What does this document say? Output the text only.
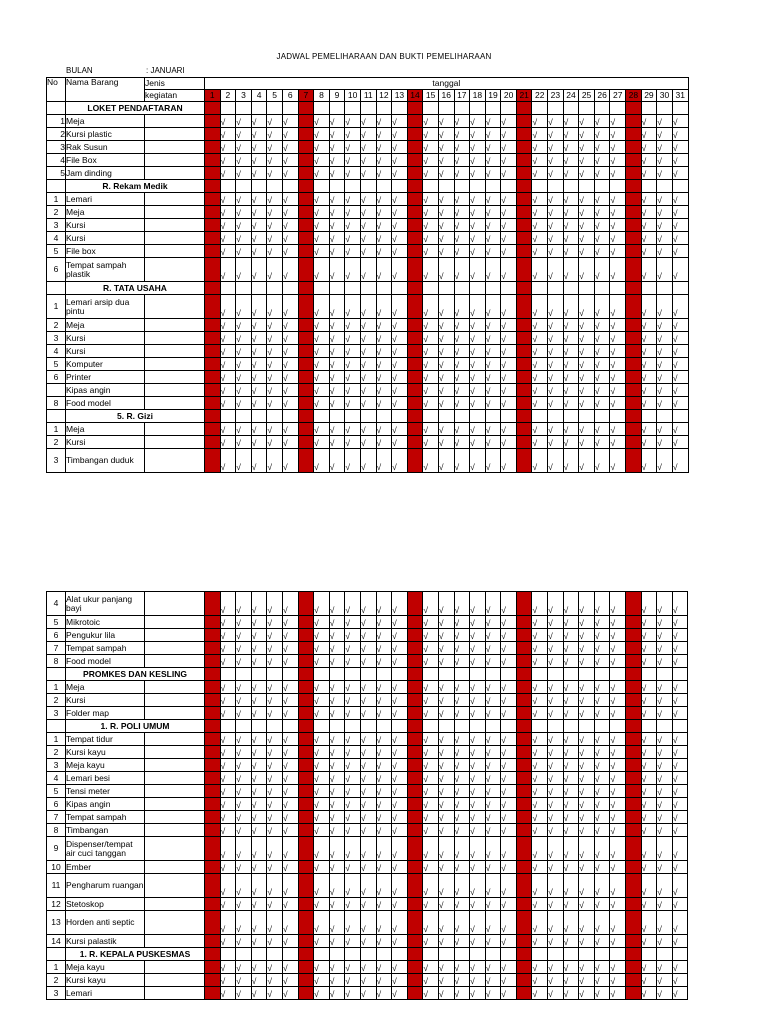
JADWAL PEMELIHARAAN DAN BUKTI PEMELIHARAAN
BULAN	: JANUARI
No	Nama Barang	Jenis	tanggal																														
		kegiatan	1	2	3	4	5	6	7	8	9	10	11	12	13	14	15	16	17	18	19	20	21	22	23	24	25	26	27	28	29	30	31
	LOKET PENDAFTARAN																																
1	Meja			√	√	√	√	√		√	√	√	√	√	√		√	√	√	√	√	√		√	√	√	√	√	√		√	√	√
2	Kursi plastic			√	√	√	√	√		√	√	√	√	√	√		√	√	√	√	√	√		√	√	√	√	√	√		√	√	√
3	Rak Susun			√	√	√	√	√		√	√	√	√	√	√		√	√	√	√	√	√		√	√	√	√	√	√		√	√	√
4	File Box			√	√	√	√	√		√	√	√	√	√	√		√	√	√	√	√	√		√	√	√	√	√	√		√	√	√
5	Jam dinding			√	√	√	√	√		√	√	√	√	√	√		√	√	√	√	√	√		√	√	√	√	√	√		√	√	√
	R. Rekam Medik																																
1	Lemari			√	√	√	√	√		√	√	√	√	√	√		√	√	√	√	√	√		√	√	√	√	√	√		√	√	√
2	Meja			√	√	√	√	√		√	√	√	√	√	√		√	√	√	√	√	√		√	√	√	√	√	√		√	√	√
3	Kursi			√	√	√	√	√		√	√	√	√	√	√		√	√	√	√	√	√		√	√	√	√	√	√		√	√	√
4	Kursi			√	√	√	√	√		√	√	√	√	√	√		√	√	√	√	√	√		√	√	√	√	√	√		√	√	√
5	File box			√	√	√	√	√		√	√	√	√	√	√		√	√	√	√	√	√		√	√	√	√	√	√		√	√	√
6	Tempat sampah plastik			√	√	√	√	√		√	√	√	√	√	√		√	√	√	√	√	√		√	√	√	√	√	√		√	√	√
	R. TATA USAHA																																
1	Lemari arsip dua pintu			√	√	√	√	√		√	√	√	√	√	√		√	√	√	√	√	√		√	√	√	√	√	√		√	√	√
2	Meja			√	√	√	√	√		√	√	√	√	√	√		√	√	√	√	√	√		√	√	√	√	√	√		√	√	√
3	Kursi			√	√	√	√	√		√	√	√	√	√	√		√	√	√	√	√	√		√	√	√	√	√	√		√	√	√
4	Kursi			√	√	√	√	√		√	√	√	√	√	√		√	√	√	√	√	√		√	√	√	√	√	√		√	√	√
5	Komputer			√	√	√	√	√		√	√	√	√	√	√		√	√	√	√	√	√		√	√	√	√	√	√		√	√	√
6	Printer			√	√	√	√	√		√	√	√	√	√	√		√	√	√	√	√	√		√	√	√	√	√	√		√	√	√
	Kipas angin			√	√	√	√	√		√	√	√	√	√	√		√	√	√	√	√	√		√	√	√	√	√	√		√	√	√
8	Food model			√	√	√	√	√		√	√	√	√	√	√		√	√	√	√	√	√		√	√	√	√	√	√		√	√	√
	5. R. Gizi																																
1	Meja			√	√	√	√	√		√	√	√	√	√	√		√	√	√	√	√	√		√	√	√	√	√	√		√	√	√
2	Kursi			√	√	√	√	√		√	√	√	√	√	√		√	√	√	√	√	√		√	√	√	√	√	√		√	√	√
3	Timbangan duduk			√	√	√	√	√		√	√	√	√	√	√		√	√	√	√	√	√		√	√	√	√	√	√		√	√	√
4	Alat ukur panjang bayi			√	√	√	√	√		√	√	√	√	√	√		√	√	√	√	√	√		√	√	√	√	√	√		√	√	√
5	Mikrotoic			√	√	√	√	√		√	√	√	√	√	√		√	√	√	√	√	√		√	√	√	√	√	√		√	√	√
6	Pengukur lila			√	√	√	√	√		√	√	√	√	√	√		√	√	√	√	√	√		√	√	√	√	√	√		√	√	√
7	Tempat sampah			√	√	√	√	√		√	√	√	√	√	√		√	√	√	√	√	√		√	√	√	√	√	√		√	√	√
8	Food model			√	√	√	√	√		√	√	√	√	√	√		√	√	√	√	√	√		√	√	√	√	√	√		√	√	√
	PROMKES DAN KESLING																																
1	Meja			√	√	√	√	√		√	√	√	√	√	√		√	√	√	√	√	√		√	√	√	√	√	√		√	√	√
2	Kursi			√	√	√	√	√		√	√	√	√	√	√		√	√	√	√	√	√		√	√	√	√	√	√		√	√	√
3	Folder map			√	√	√	√	√		√	√	√	√	√	√		√	√	√	√	√	√		√	√	√	√	√	√		√	√	√
	1. R. POLI UMUM																																
1	Tempat tidur			√	√	√	√	√		√	√	√	√	√	√		√	√	√	√	√	√		√	√	√	√	√	√		√	√	√
2	Kursi kayu			√	√	√	√	√		√	√	√	√	√	√		√	√	√	√	√	√		√	√	√	√	√	√		√	√	√
3	Meja kayu			√	√	√	√	√		√	√	√	√	√	√		√	√	√	√	√	√		√	√	√	√	√	√		√	√	√
4	Lemari besi			√	√	√	√	√		√	√	√	√	√	√		√	√	√	√	√	√		√	√	√	√	√	√		√	√	√
5	Tensi meter			√	√	√	√	√		√	√	√	√	√	√		√	√	√	√	√	√		√	√	√	√	√	√		√	√	√
6	Kipas angin			√	√	√	√	√		√	√	√	√	√	√		√	√	√	√	√	√		√	√	√	√	√	√		√	√	√
7	Tempat sampah			√	√	√	√	√		√	√	√	√	√	√		√	√	√	√	√	√		√	√	√	√	√	√		√	√	√
8	Timbangan			√	√	√	√	√		√	√	√	√	√	√		√	√	√	√	√	√		√	√	√	√	√	√		√	√	√
9	Dispenser/tempat air cuci tanggan			√	√	√	√	√		√	√	√	√	√	√		√	√	√	√	√	√		√	√	√	√	√	√		√	√	√
10	Ember			√	√	√	√	√		√	√	√	√	√	√		√	√	√	√	√	√		√	√	√	√	√	√		√	√	√
11	Pengharum ruangan			√	√	√	√	√		√	√	√	√	√	√		√	√	√	√	√	√		√	√	√	√	√	√		√	√	√
12	Stetoskop			√	√	√	√	√		√	√	√	√	√	√		√	√	√	√	√	√		√	√	√	√	√	√		√	√	√
13	Horden anti septic			√	√	√	√	√		√	√	√	√	√	√		√	√	√	√	√	√		√	√	√	√	√	√		√	√	√
14	Kursi palastik			√	√	√	√	√		√	√	√	√	√	√		√	√	√	√	√	√		√	√	√	√	√	√		√	√	√
	1. R. KEPALA PUSKESMAS																																
1	Meja kayu			√	√	√	√	√		√	√	√	√	√	√		√	√	√	√	√	√		√	√	√	√	√	√		√	√	√
2	Kursi kayu			√	√	√	√	√		√	√	√	√	√	√		√	√	√	√	√	√		√	√	√	√	√	√		√	√	√
3	Lemari			√	√	√	√	√		√	√	√	√	√	√		√	√	√	√	√	√		√	√	√	√	√	√		√	√	√
